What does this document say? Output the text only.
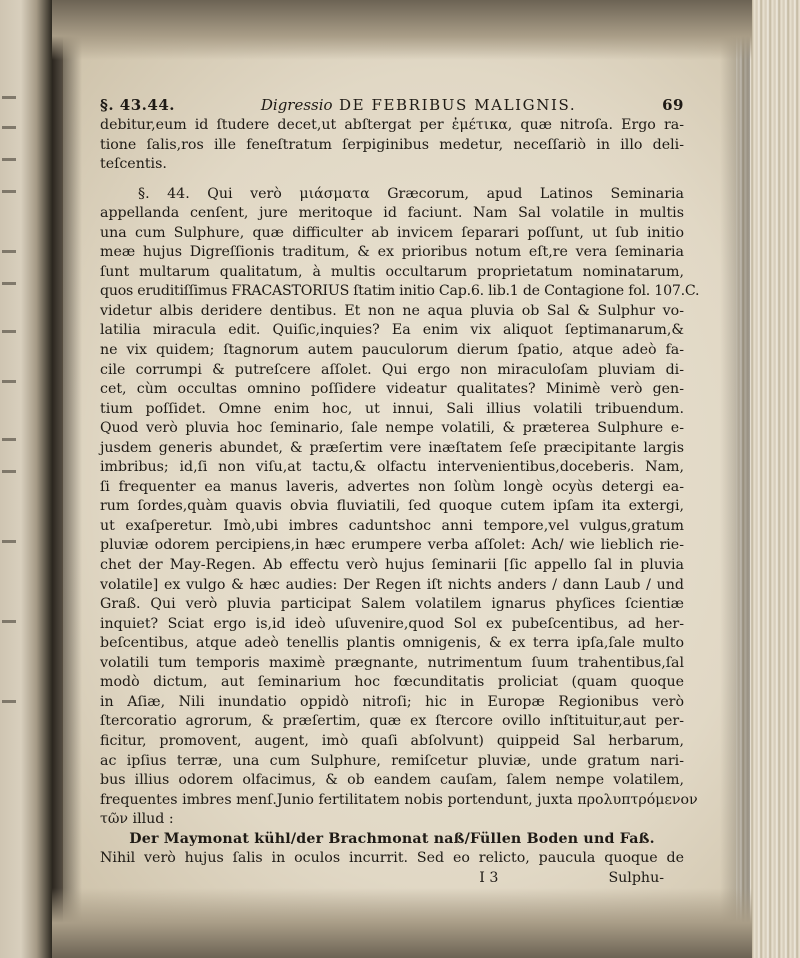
§. 43.44.	Digressio DE FEBRIBUS MALIGNIS.	69
debitur,eum id ſtudere decet,ut abſtergat per ἐμέτικα, quæ nitroſa. Ergo ra-
tione ſalis,ros ille feneſtratum ſerpiginibus medetur, neceſſariò in illo deli-
teſcentis.
§. 44. Qui verò μιάσματα Græcorum, apud Latinos Seminaria
appellanda cenſent, jure meritoque id faciunt. Nam Sal volatile in multis
una cum Sulphure, quæ difficulter ab invicem ſeparari poſſunt, ut ſub initio
meæ hujus Digreſſionis traditum, & ex prioribus notum eſt,re vera ſeminaria
ſunt multarum qualitatum, à multis occultarum proprietatum nominatarum,
quos eruditiſſimus FRACASTORIUS ſtatim initio Cap.6. lib.1 de Contagione fol. 107.C.
videtur albis deridere dentibus. Et non ne aqua pluvia ob Sal & Sulphur vo-
latilia miracula edit. Quiſic,inquies? Ea enim vix aliquot ſeptimanarum,&
ne vix quidem; ſtagnorum autem pauculorum dierum ſpatio, atque adeò fa-
cile corrumpi & putreſcere aſſolet. Qui ergo non miraculoſam pluviam di-
cet, cùm occultas omnino poſſidere videatur qualitates? Minimè verò gen-
tium poſſidet. Omne enim hoc, ut innui, Sali illius volatili tribuendum.
Quod verò pluvia hoc ſeminario, ſale nempe volatili, & præterea Sulphure e-
jusdem generis abundet, & præſertim vere inæſtatem ſeſe præcipitante largis
imbribus; id,ſi non viſu,at tactu,& olfactu intervenientibus,doceberis. Nam,
ſi frequenter ea manus laveris, advertes non ſolùm longè ocyùs detergi ea-
rum ſordes,quàm quavis obvia fluviatili, ſed quoque cutem ipſam ita extergi,
ut exaſperetur. Imò,ubi imbres caduntshoc anni tempore,vel vulgus,gratum
pluviæ odorem percipiens,in hæc erumpere verba aſſolet: Ach/ wie lieblich rie-
chet der May-Regen. Ab effectu verò hujus ſeminarii [ſic appello ſal in pluvia
volatile] ex vulgo & hæc audies: Der Regen iſt nichts anders / dann Laub / und
Graß. Qui verò pluvia participat Salem volatilem ignarus phyſices ſcientiæ
inquiet? Sciat ergo is,id ideò uſuvenire,quod Sol ex pubeſcentibus, ad her-
beſcentibus, atque adeò tenellis plantis omnigenis, & ex terra ipſa,ſale multo
volatili tum temporis maximè prægnante, nutrimentum ſuum trahentibus,ſal
modò dictum, aut ſeminarium hoc fœcunditatis proliciat (quam quoque
in Aſiæ, Nili inundatio oppidò nitroſi; hic in Europæ Regionibus verò
ſtercoratio agrorum, & præſertim, quæ ex ſtercore ovillo inſtituitur,aut per-
ficitur, promovent, augent, imò quaſi abſolvunt) quippeid Sal herbarum,
ac ipſius terræ, una cum Sulphure, remiſcetur pluviæ, unde gratum nari-
bus illius odorem olfacimus, & ob eandem cauſam, ſalem nempe volatilem,
frequentes imbres menſ.Junio fertilitatem nobis portendunt, juxta προλυπτρόμενον
τῶν illud :
Der Maymonat kühl/der Brachmonat naß/Füllen Boden und Faß.
Nihil verò hujus ſalis in oculos incurrit. Sed eo relicto, paucula quoque de
I 3	Sulphu-
